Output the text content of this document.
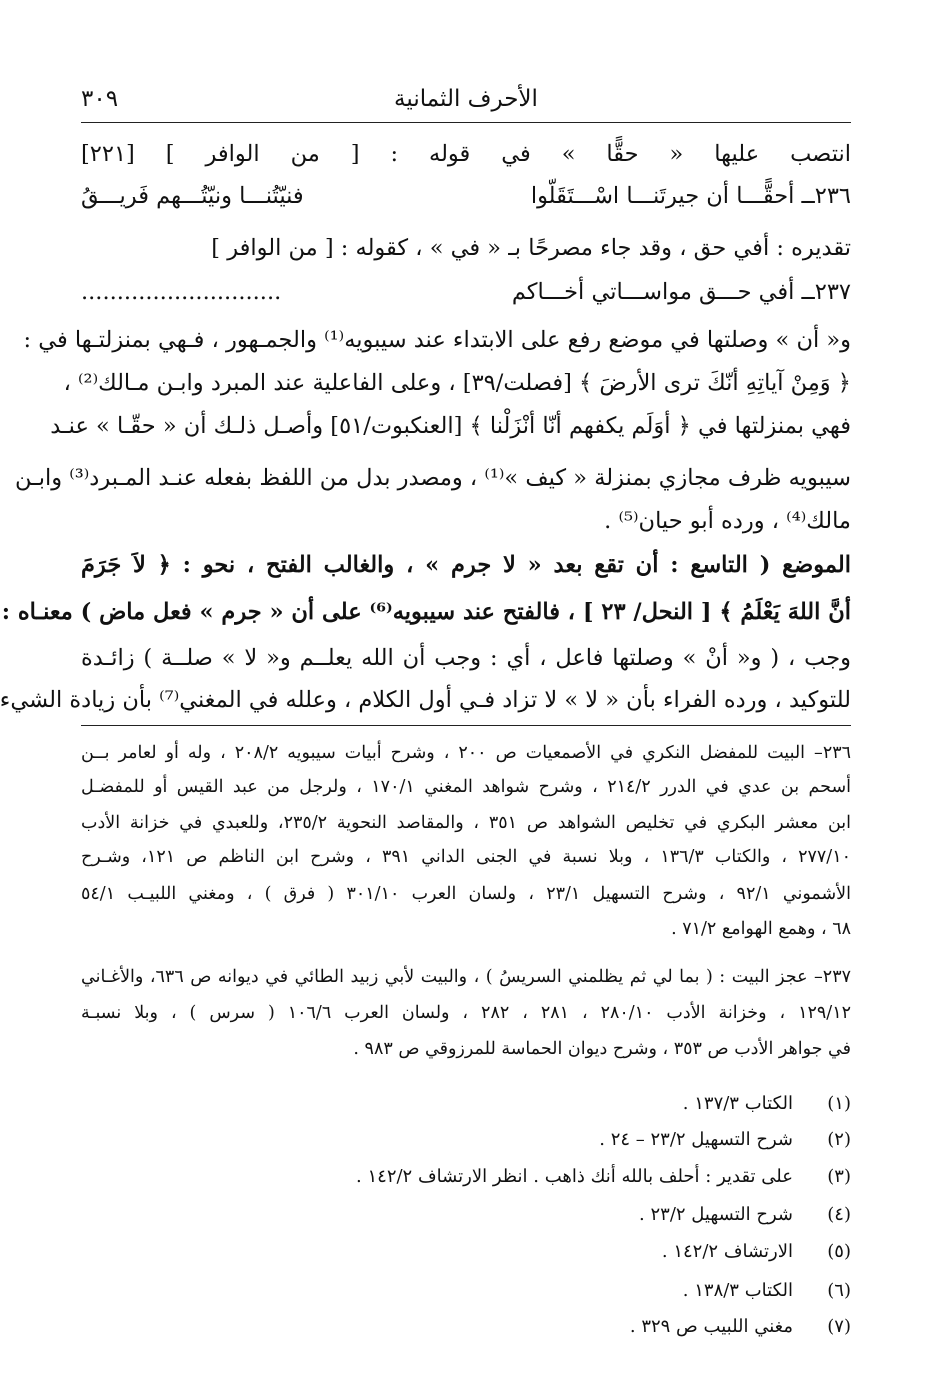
٣٠٩	الأحرف الثمانية
انتصب عليها « حقًّا » في قوله : [ من الوافر ] [٢٢١]
٢٣٦ــ أحقًّـــا أن جيرتَنـــا اسْـــتَقَلّوا
فنيّتُنـــا ونيّتُـــهم فَريـــقُ
تقديره : أفي حق ، وقد جاء مصرحًا بـ « في » ، كقوله : [ من الوافر ]
٢٣٧ــ أفي حـــق مواســـاتي أخـــاكم
............................
و« أن » وصلتها في موضع رفع على الابتداء عند سيبويه⁽¹⁾ والجمـهور ، فـهي بمنزلتـها في :
﴿ وَمِنْ آياتِهِ أنّكَ ترى الأرضَ ﴾ [فصلت/٣٩] ، وعلى الفاعلية عند المبرد وابـن مـالك⁽²⁾ ،
فهي بمنزلتها في ﴿ أوَلَم يكفهم أنّا أنْزَلْنا ﴾ [العنكبوت/٥١] وأصـل ذلـك أن « حقّـا » عنـد
سيبويه ظرف مجازي بمنزلة « كيف »⁽¹⁾ ، ومصدر بدل من اللفظ بفعله عنـد المـبرد⁽³⁾ وابـن
مالك⁽⁴⁾ ، ورده أبو حيان⁽⁵⁾ .
الموضع ( التاسع : أن تقع بعد « لا جرم » ، والغالب الفتح ، نحو : ﴿ لاَ جَرَمَ
أنَّ اللهَ يَعْلَمُ ﴾ [ النحل/ ٢٣ ] ، فالفتح عند سيبويه⁽⁶⁾ على أن « جرم » فعل ماض ) معنـاه :
وجب ، ( و« أنْ » وصلتها فاعل ، أي : وجب أن الله يعلــم و« لا » صلــة ) زائـدة
للتوكيد ، ورده الفراء بأن « لا » لا تزاد فـي أول الكلام ، وعلله في المغني⁽⁷⁾ بأن زيادة الشيء
٢٣٦– البيت للمفضل النكري في الأصمعيات ص ٢٠٠ ، وشرح أبيات سيبويه ٢٠٨/٢ ، وله أو لعامر بــن
أسحم بن عدي في الدرر ٢١٤/٢ ، وشرح شواهد المغني ١٧٠/١ ، ولرجل من عبد القيس أو للمفضـل
ابن معشر البكري في تخليص الشواهد ص ٣٥١ ، والمقاصد النحوية ٢٣٥/٢، وللعبدي في خزانة الأدب
٢٧٧/١٠ ، والكتاب ١٣٦/٣ ، وبلا نسبة في الجنى الداني ٣٩١ ، وشرح ابن الناظم ص ١٢١، وشـرح
الأشموني ٩٢/١ ، وشرح التسهيل ٢٣/١ ، ولسان العرب ٣٠١/١٠ ( فرق ) ، ومغني اللبيـب ٥٤/١
٦٨ ، وهمع الهوامع ٧١/٢ .
٢٣٧– عجز البيت : ( بما لي ثم يظلمني السريسُ ) ، والبيت لأبي زبيد الطائي في ديوانه ص ٦٣٦، والأغـاني
١٢٩/١٢ ، وخزانة الأدب ٢٨٠/١٠ ، ٢٨١ ، ٢٨٢ ، ولسان العرب ١٠٦/٦ ( سرس ) ، وبلا نسبـة
في جواهر الأدب ص ٣٥٣ ، وشرح ديوان الحماسة للمرزوقي ص ٩٨٣ .
(١)
الكتاب ١٣٧/٣ .
(٢)
شرح التسهيل ٢٣/٢ – ٢٤ .
(٣)
على تقدير : أحلف بالله أنك ذاهب . انظر الارتشاف ١٤٢/٢ .
(٤)
شرح التسهيل ٢٣/٢ .
(٥)
الارتشاف ١٤٢/٢ .
(٦)
الكتاب ١٣٨/٣ .
(٧)
مغني اللبيب ص ٣٢٩ .
